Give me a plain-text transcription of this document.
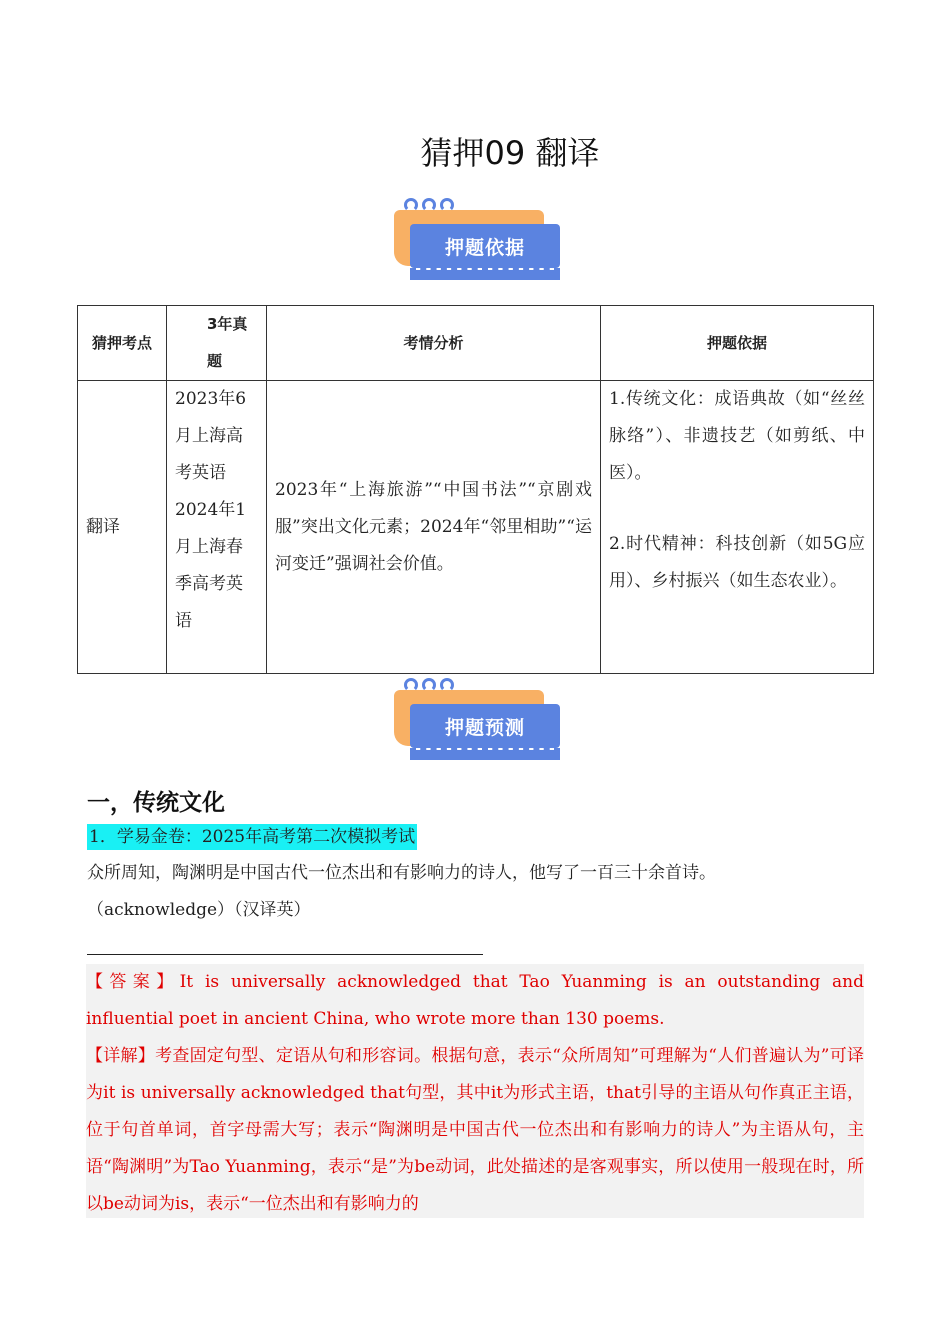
猜押09 翻译
押题依据
猜押考点	3年真题	考情分析	押题依据
翻译	2023年6月上海高考英语 2024年1月上海春季高考英语	2023年“上海旅游”“中国书法”“京剧戏服”突出文化元素；2024年“邻里相助”“运河变迁”强调社会价值。	1.传统文化：成语典故（如“丝丝脉络”）、非遗技艺（如剪纸、中医）。
2.时代精神：科技创新（如5G应用）、乡村振兴（如生态农业）。
押题预测
一，传统文化
1．学易金卷：2025年高考第二次模拟考试
众所周知，陶渊明是中国古代一位杰出和有影响力的诗人，他写了一百三十余首诗。
（acknowledge）（汉译英）

【答案】It is universally acknowledged that Tao Yuanming is an outstanding and influential poet in ancient China, who wrote more than 130 poems.

【详解】考查固定句型、定语从句和形容词。根据句意，表示“众所周知”可理解为“人们普遍认为”可译为it is universally acknowledged that句型，其中it为形式主语，that引导的主语从句作真正主语，位于句首单词，首字母需大写；表示“陶渊明是中国古代一位杰出和有影响力的诗人”为主语从句，主语“陶渊明”为Tao Yuanming，表示“是”为be动词，此处描述的是客观事实，所以使用一般现在时，所以be动词为is，表示“一位杰出和有影响力的
